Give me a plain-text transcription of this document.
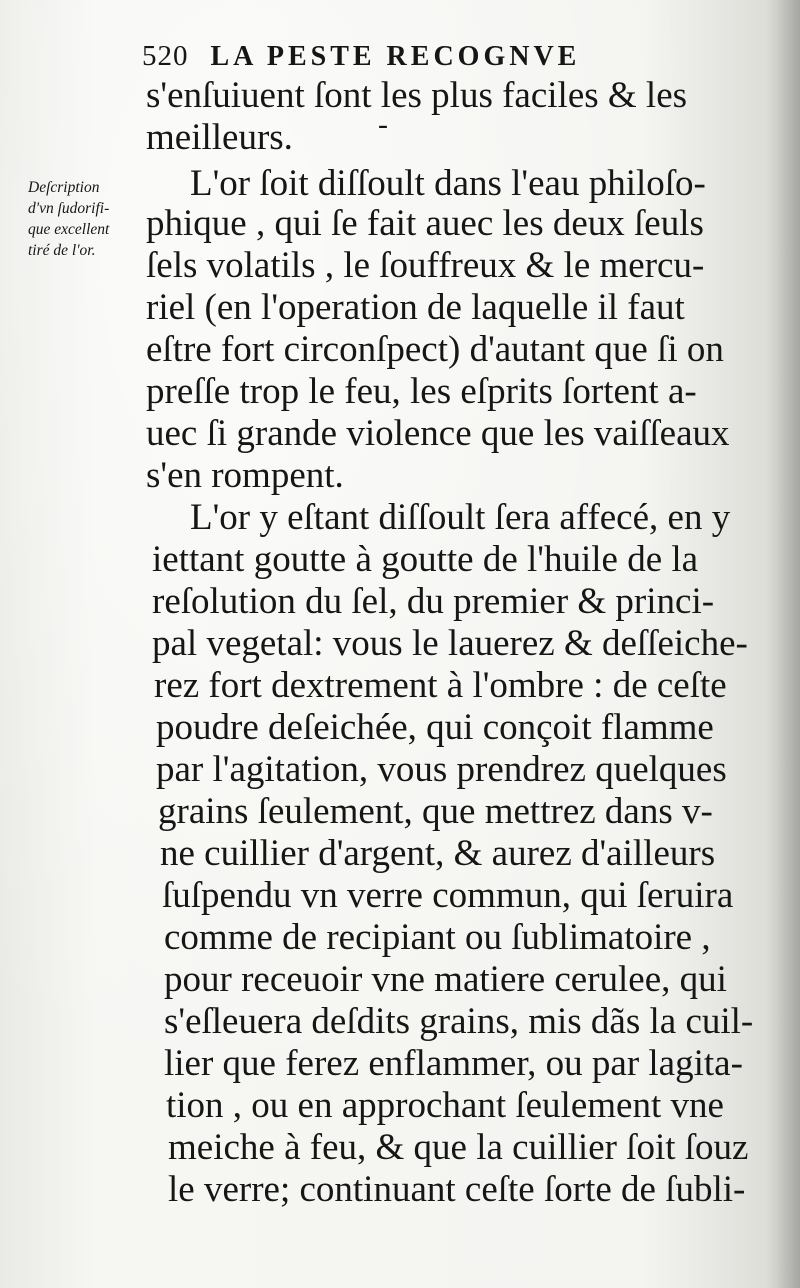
520 LA PESTE RECOGNVE
Deſcription
d'vn ſudorifi-
que excellent
tiré de l'or.
-
s'enſuiuent ſont les plus faciles & les
meilleurs.
L'or ſoit diſſoult dans l'eau philoſo-
phique , qui ſe fait auec les deux ſeuls
ſels volatils , le ſouffreux & le mercu-
riel (en l'operation de laquelle il faut
eſtre fort circonſpect) d'autant que ſi on
preſſe trop le feu, les eſprits ſortent a-
uec ſi grande violence que les vaiſſeaux
s'en rompent.
L'or y eſtant diſſoult ſera affecé, en y
iettant goutte à goutte de l'huile de la
reſolution du ſel, du premier & princi-
pal vegetal: vous le lauerez & deſſeiche-
rez fort dextrement à l'ombre : de ceſte
poudre deſeichée, qui conçoit flamme
par l'agitation, vous prendrez quelques
grains ſeulement, que mettrez dans v-
ne cuillier d'argent, & aurez d'ailleurs
ſuſpendu vn verre commun, qui ſeruira
comme de recipiant ou ſublimatoire ,
pour receuoir vne matiere cerulee, qui
s'eſleuera deſdits grains, mis dãs la cuil-
lier que ferez enflammer, ou par lagita-
tion , ou en approchant ſeulement vne
meiche à feu, & que la cuillier ſoit ſouz
le verre; continuant ceſte ſorte de ſubli-
